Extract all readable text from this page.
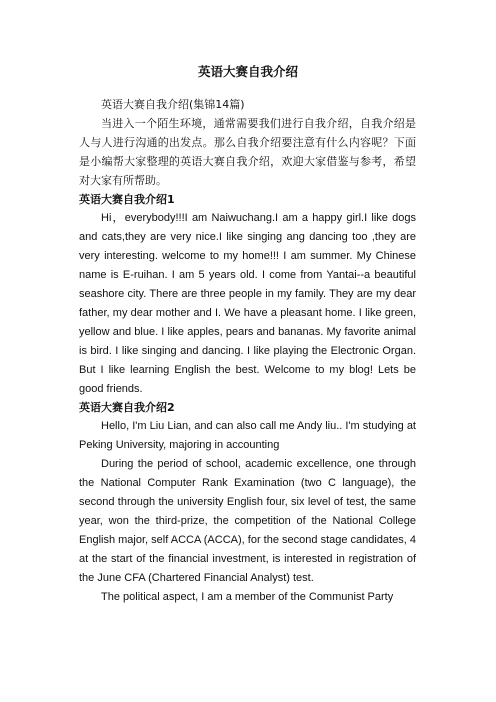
英语大赛自我介绍

英语大赛自我介绍(集锦14篇)

当进入一个陌生环境，通常需要我们进行自我介绍，自我介绍是人与人进行沟通的出发点。那么自我介绍要注意有什么内容呢？下面是小编帮大家整理的英语大赛自我介绍，欢迎大家借鉴与参考，希望对大家有所帮助。

英语大赛自我介绍1

Hi，everybody!!!I am Naiwuchang.I am a happy girl.I like dogs and cats,they are very nice.I like singing ang dancing too ,they are very interesting. welcome to my home!!! I am summer. My Chinese name is E-ruihan. I am 5 years old. I come from Yantai--a beautiful seashore city. There are three people in my family. They are my dear father, my dear mother and I. We have a pleasant home. I like green, yellow and blue. I like apples, pears and bananas. My favorite animal is bird. I like singing and dancing. I like playing the Electronic Organ. But I like learning English the best. Welcome to my blog! Lets be good friends.

英语大赛自我介绍2

Hello, I'm Liu Lian, and can also call me Andy liu.. I'm studying at Peking University, majoring in accounting

During the period of school, academic excellence, one through the National Computer Rank Examination (two C language), the second through the university English four, six level of test, the same year, won the third-prize, the competition of the National College English major, self ACCA (ACCA), for the second stage candidates, 4 at the start of the financial investment, is interested in registration of the June CFA (Chartered Financial Analyst) test.

The political aspect, I am a member of the Communist Party
